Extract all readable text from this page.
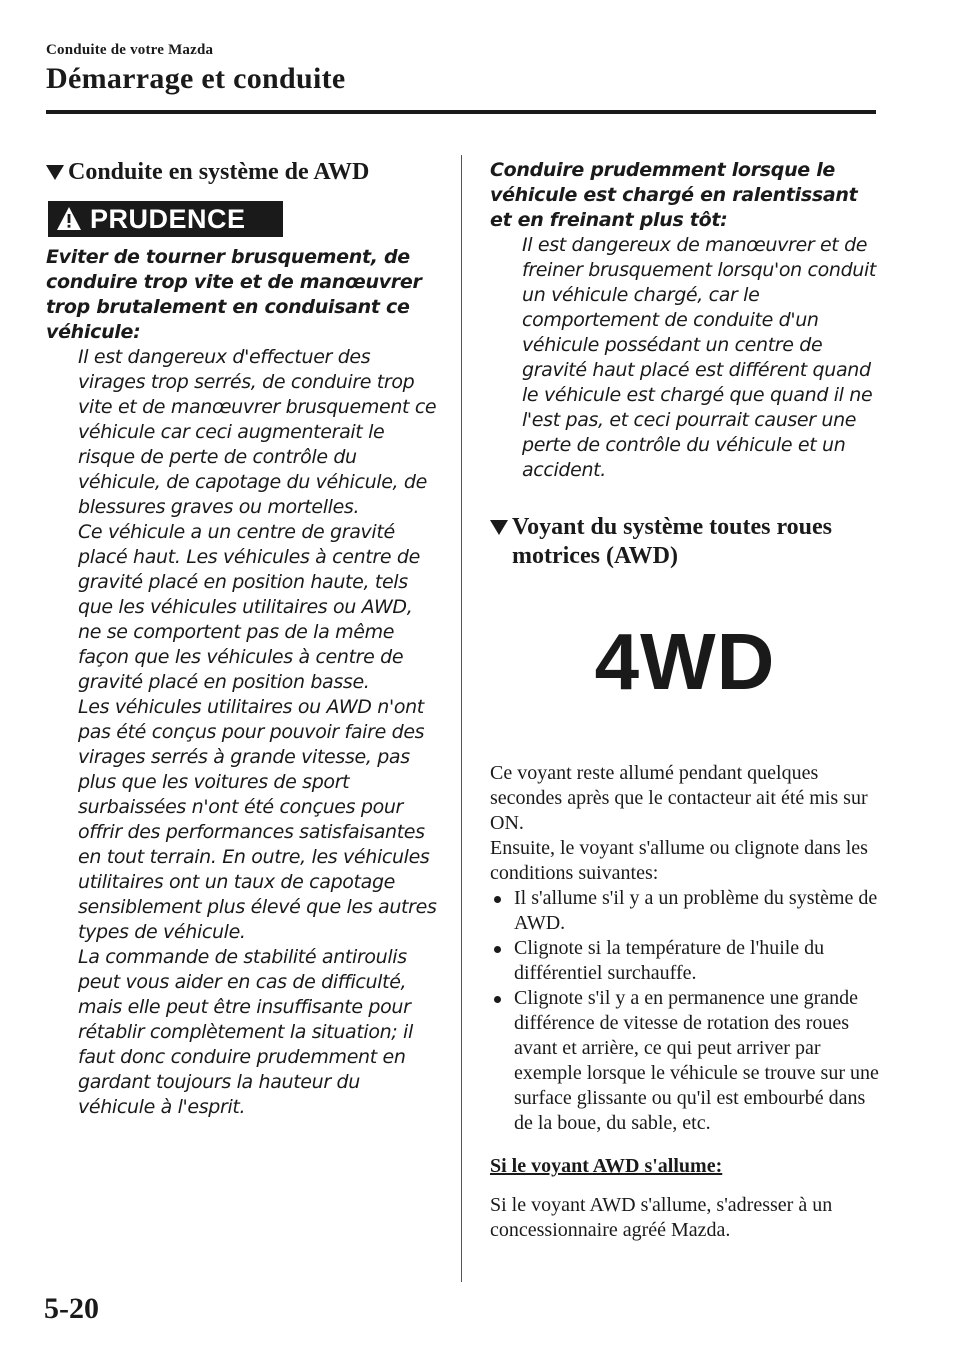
Conduite de votre Mazda
Démarrage et conduite
Conduite en système de AWD
PRUDENCE
Eviter de tourner brusquement, de conduire trop vite et de manœuvrer trop brutalement en conduisant ce véhicule:

Il est dangereux d'effectuer des virages trop serrés, de conduire trop vite et de manœuvrer brusquement ce véhicule car ceci augmenterait le risque de perte de contrôle du véhicule, de capotage du véhicule, de blessures graves ou mortelles.

Ce véhicule a un centre de gravité placé haut. Les véhicules à centre de gravité placé en position haute, tels que les véhicules utilitaires ou AWD, ne se comportent pas de la même façon que les véhicules à centre de gravité placé en position basse.

Les véhicules utilitaires ou AWD n'ont pas été conçus pour pouvoir faire des virages serrés à grande vitesse, pas plus que les voitures de sport surbaissées n'ont été conçues pour offrir des performances satisfaisantes en tout terrain. En outre, les véhicules utilitaires ont un taux de capotage sensiblement plus élevé que les autres types de véhicule.

La commande de stabilité antiroulis peut vous aider en cas de difficulté, mais elle peut être insuffisante pour rétablir complètement la situation; il faut donc conduire prudemment en gardant toujours la hauteur du véhicule à l'esprit.

Conduire prudemment lorsque le véhicule est chargé en ralentissant et en freinant plus tôt:

Il est dangereux de manœuvrer et de freiner brusquement lorsqu'on conduit un véhicule chargé, car le comportement de conduite d'un véhicule possédant un centre de gravité haut placé est différent quand le véhicule est chargé que quand il ne l'est pas, et ceci pourrait causer une perte de contrôle du véhicule et un accident.

Voyant du système toutes roues motrices (AWD)
4WD

Ce voyant reste allumé pendant quelques secondes après que le contacteur ait été mis sur ON.

Ensuite, le voyant s'allume ou clignote dans les conditions suivantes:

Il s'allume s'il y a un problème du système de AWD.
Clignote si la température de l'huile du différentiel surchauffe.
Clignote s'il y a en permanence une grande différence de vitesse de rotation des roues avant et arrière, ce qui peut arriver par exemple lorsque le véhicule se trouve sur une surface glissante ou qu'il est embourbé dans de la boue, du sable, etc.
Si le voyant AWD s'allume:
Si le voyant AWD s'allume, s'adresser à un concessionnaire agréé Mazda.
5-20
